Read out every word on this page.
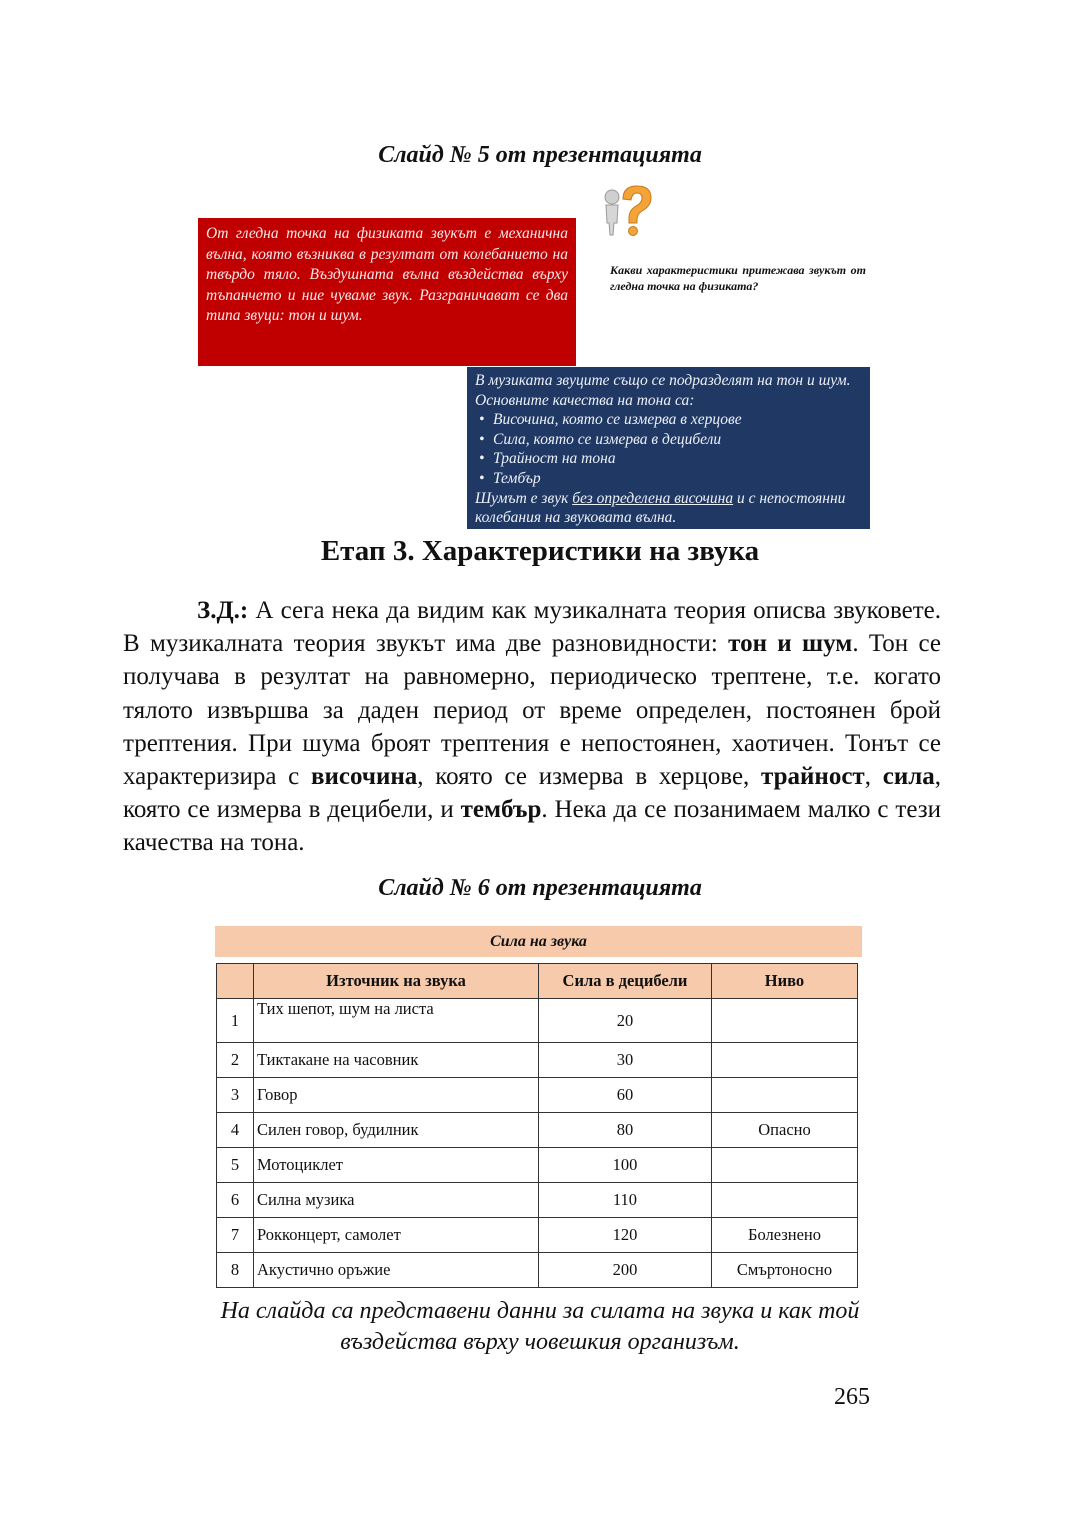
Слайд № 5 от презентацията
От гледна точка на физиката звукът е механична вълна, която възниква в резултат от колебанието на твърдо тяло. Въздушната вълна въздейства върху тъпанчето и ние чуваме звук. Разграничават се два типа звуци: тон и шум.
Какви характеристики притежава звукът от гледна точка на физиката?
В музиката звуците също се подразделят на тон и шум. Основните качества на тона са:
• Височина, която се измерва в херцове
• Сила, която се измерва в децибели
• Трайност на тона
• Тембър
Шумът е звук без определена височина и с непостоянни колебания на звуковата вълна.
Етап 3. Характеристики на звука
З.Д.: А сега нека да видим как музикалната теория описва звуковете. В музикалната теория звукът има две разновидности: тон и шум. Тон се получава в резултат на равномерно, периодическо трептене, т.е. когато тялото извършва за даден период от време определен, постоянен брой трептения. При шума броят трептения е непостоянен, хаотичен. Тонът се характеризира с височина, която се измерва в херцове, трайност, сила, която се измерва в децибели, и тембър. Нека да се позанимаем малко с тези качества на тона.
Слайд № 6 от презентацията
Сила на звука
	Източник на звука	Сила в децибели	Ниво
1	Тих шепот, шум на листа	20	
2	Тиктакане на часовник	30	
3	Говор	60	
4	Силен говор, будилник	80	Опасно
5	Мотоциклет	100	
6	Силна музика	110	
7	Рокконцерт, самолет	120	Болезнено
8	Акустично оръжие	200	Смъртоносно
На слайда са представени данни за силата на звука и как той
въздейства върху човешкия организъм.
265
